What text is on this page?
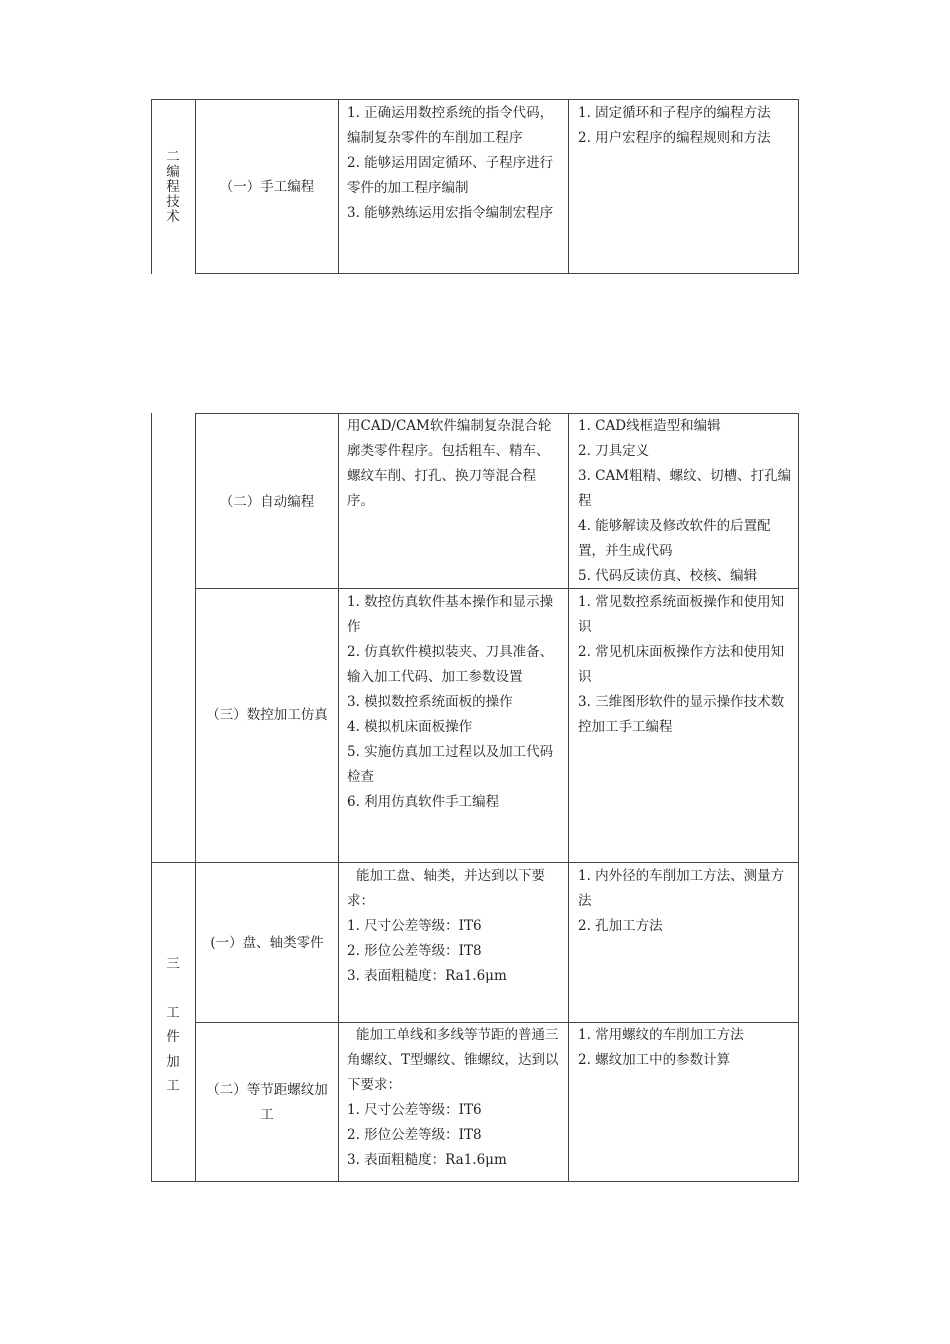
二
编
程
技
术
（一）手工编程

1. 正确运用数控系统的指令代码，编制复杂零件的车削加工程序

2. 能够运用固定循环、子程序进行零件的加工程序编制

3. 能够熟练运用宏指令编制宏程序

1. 固定循环和子程序的编程方法

2. 用户宏程序的编程规则和方法

（二）自动编程

用CAD/CAM软件编制复杂混合轮廓类零件程序。包括粗车、精车、螺纹车削、打孔、换刀等混合程序。

1. CAD线框造型和编辑

2. 刀具定义

3. CAM粗精、螺纹、切槽、打孔编程

4. 能够解读及修改软件的后置配置，并生成代码

5. 代码反读仿真、校核、编辑

（三）数控加工仿真

1. 数控仿真软件基本操作和显示操作

2. 仿真软件模拟装夹、刀具准备、输入加工代码、加工参数设置

3. 模拟数控系统面板的操作

4. 模拟机床面板操作

5. 实施仿真加工过程以及加工代码检查

6. 利用仿真软件手工编程

1. 常见数控系统面板操作和使用知识

2. 常见机床面板操作方法和使用知识

3. 三维图形软件的显示操作技术数控加工手工编程

三
工
件
加
工
(一）盘、轴类零件

能加工盘、轴类，并达到以下要求：

1. 尺寸公差等级：IT6

2. 形位公差等级：IT8

3. 表面粗糙度：Ra1.6μm

1. 内外径的车削加工方法、测量方法

2. 孔加工方法

（二）等节距螺纹加工

能加工单线和多线等节距的普通三角螺纹、T型螺纹、锥螺纹，达到以下要求：

1. 尺寸公差等级：IT6

2. 形位公差等级：IT8

3. 表面粗糙度：Ra1.6μm

1. 常用螺纹的车削加工方法

2. 螺纹加工中的参数计算
